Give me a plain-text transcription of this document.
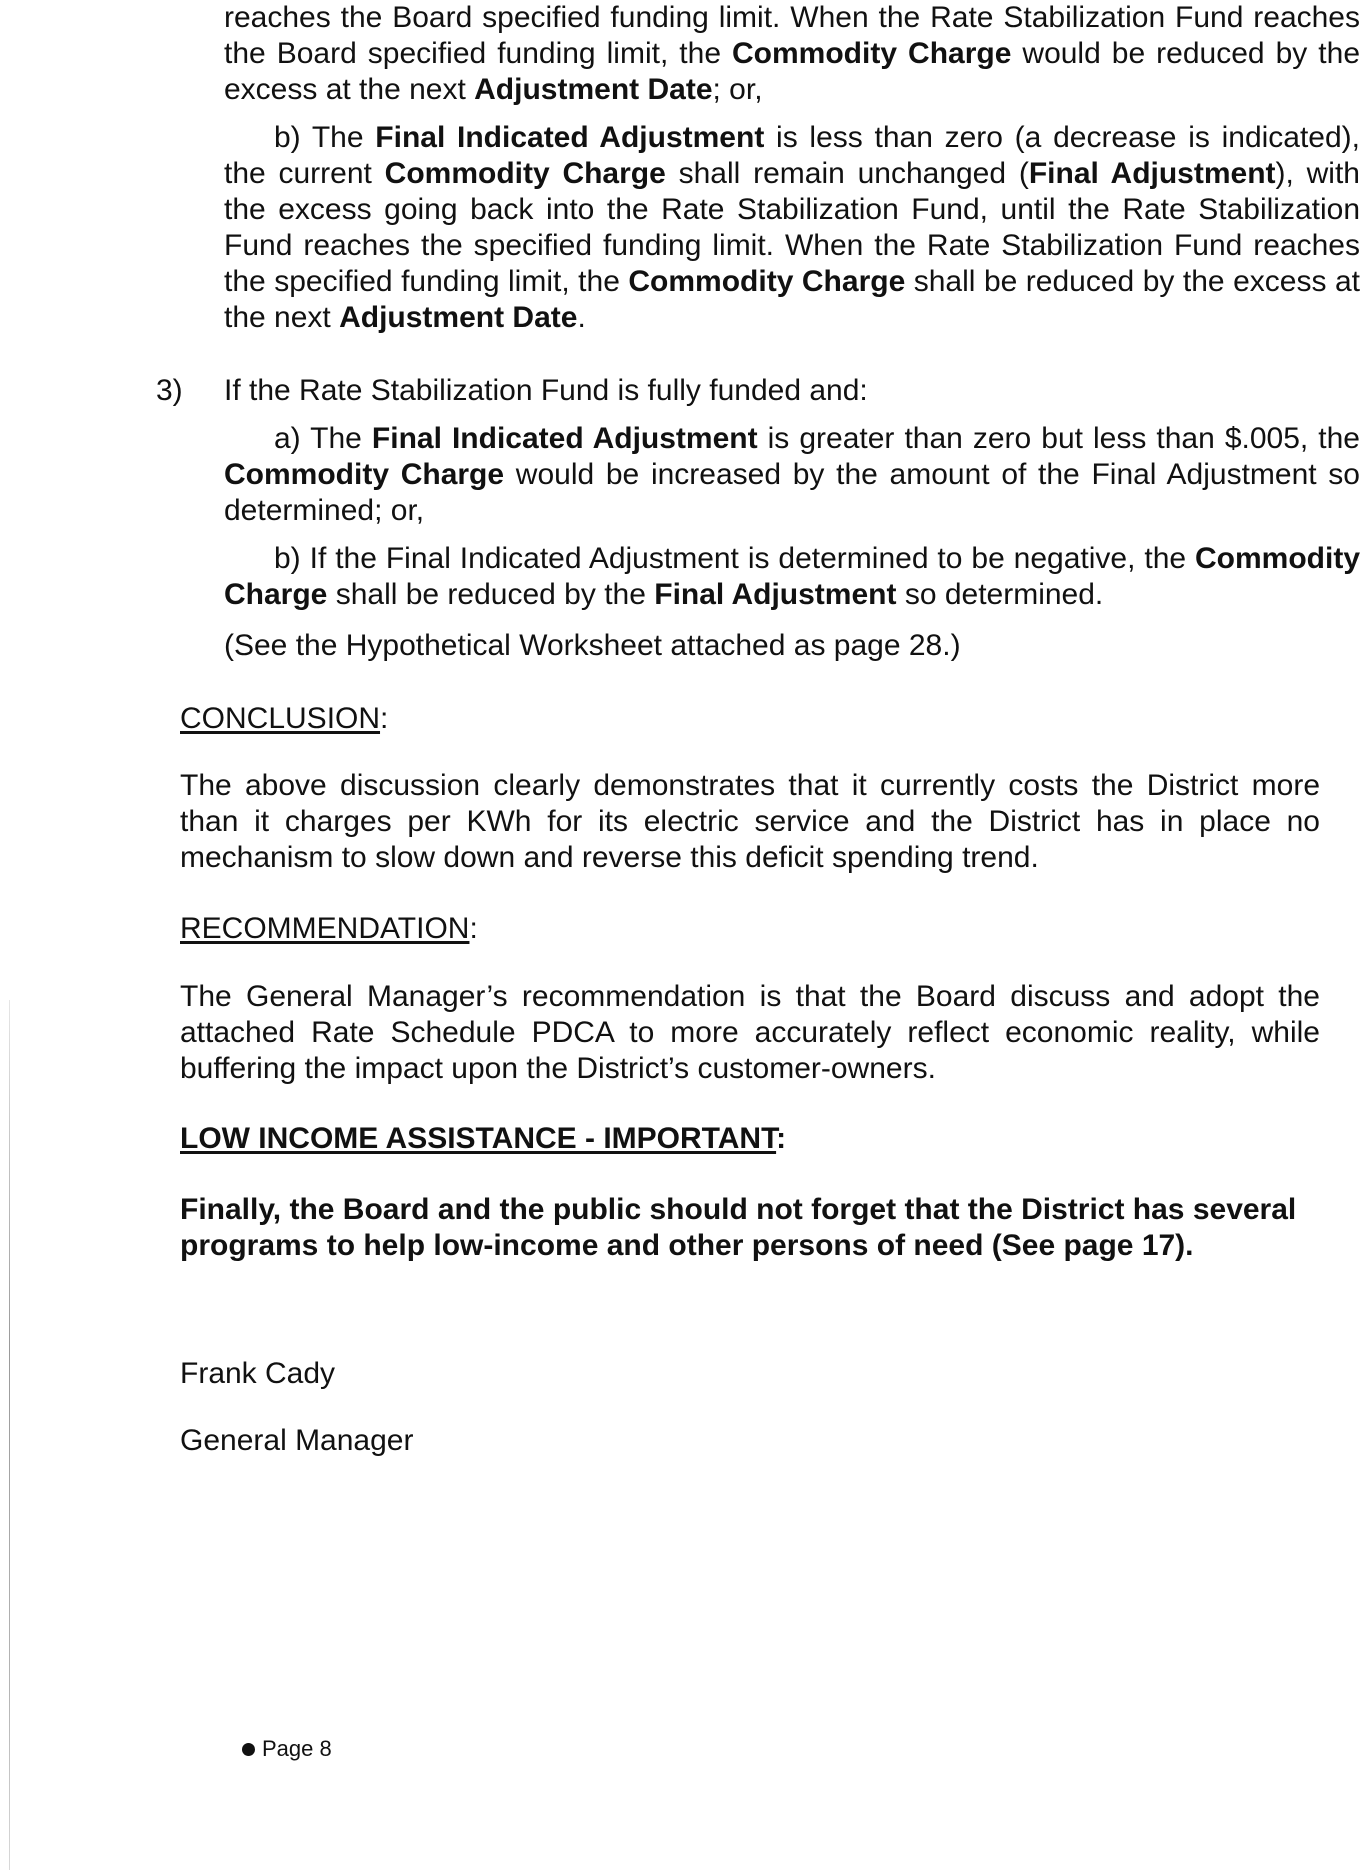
reaches the Board specified funding limit. When the Rate Stabilization Fund reaches the Board specified funding limit, the Commodity Charge would be reduced by the excess at the next Adjustment Date; or,

b) The Final Indicated Adjustment is less than zero (a decrease is indicated), the current Commodity Charge shall remain unchanged (Final Adjustment), with the excess going back into the Rate Stabilization Fund, until the Rate Stabilization Fund reaches the specified funding limit. When the Rate Stabilization Fund reaches the specified funding limit, the Commodity Charge shall be reduced by the excess at the next Adjustment Date.

3) If the Rate Stabilization Fund is fully funded and:

a) The Final Indicated Adjustment is greater than zero but less than $.005, the Commodity Charge would be increased by the amount of the Final Adjustment so determined; or,

b) If the Final Indicated Adjustment is determined to be negative, the Commodity Charge shall be reduced by the Final Adjustment so determined.

(See the Hypothetical Worksheet attached as page 28.)

CONCLUSION:

The above discussion clearly demonstrates that it currently costs the District more than it charges per KWh for its electric service and the District has in place no mechanism to slow down and reverse this deficit spending trend.

RECOMMENDATION:

The General Manager’s recommendation is that the Board discuss and adopt the attached Rate Schedule PDCA to more accurately reflect economic reality, while buffering the impact upon the District’s customer-owners.

LOW INCOME ASSISTANCE - IMPORTANT:

Finally, the Board and the public should not forget that the District has several programs to help low-income and other persons of need (See page 17).

Frank Cady
General Manager
Page 8
